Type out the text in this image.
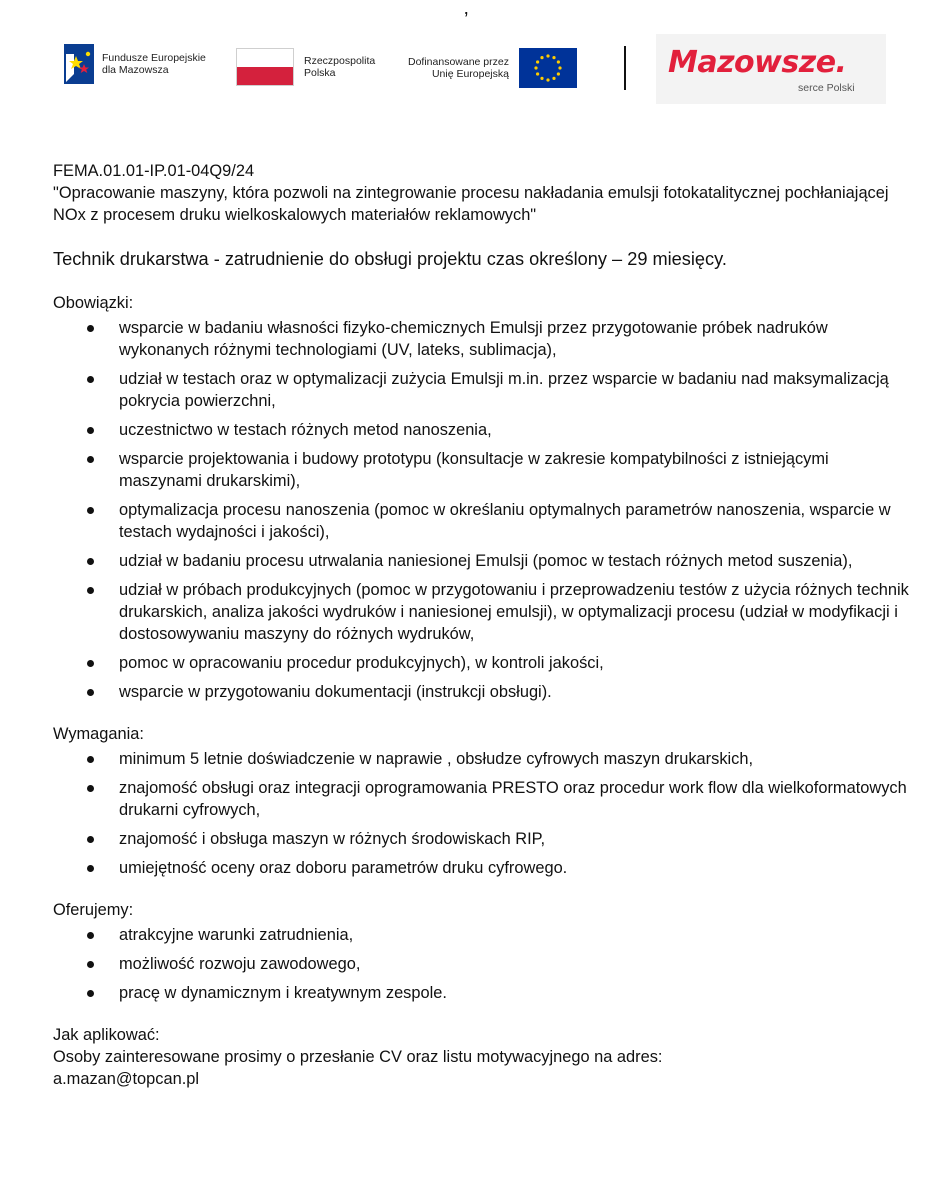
’
Fundusze Europejskie
dla Mazowsza
Rzeczpospolita
Polska
Dofinansowane przez
Unię Europejską	Mazowsze.
serce Polski

FEMA.01.01-IP.01-04Q9/24

"Opracowanie maszyny, która pozwoli na zintegrowanie procesu nakładania emulsji fotokatalitycznej pochłaniającej NOx z procesem druku wielkoskalowych materiałów reklamowych"

Technik drukarstwa - zatrudnienie do obsługi projektu czas określony – 29 miesięcy.

Obowiązki:

wsparcie w badaniu własności fizyko-chemicznych Emulsji przez przygotowanie próbek nadruków wykonanych różnymi technologiami (UV, lateks, sublimacja),
udział w testach oraz w optymalizacji zużycia Emulsji m.in. przez wsparcie w badaniu nad maksymalizacją pokrycia powierzchni,
uczestnictwo w testach różnych metod nanoszenia,
wsparcie projektowania i budowy prototypu (konsultacje w zakresie kompatybilności z istniejącymi maszynami drukarskimi),
optymalizacja procesu nanoszenia (pomoc w określaniu optymalnych parametrów nanoszenia, wsparcie w testach wydajności i jakości),
udział w badaniu procesu utrwalania naniesionej Emulsji (pomoc w testach różnych metod suszenia),
udział w próbach produkcyjnych (pomoc w przygotowaniu i przeprowadzeniu testów z użycia różnych technik drukarskich, analiza jakości wydruków i naniesionej emulsji), w optymalizacji procesu (udział w modyfikacji i dostosowywaniu maszyny do różnych wydruków,
pomoc w opracowaniu procedur produkcyjnych), w kontroli jakości,
wsparcie w przygotowaniu dokumentacji (instrukcji obsługi).

Wymagania:

minimum 5 letnie doświadczenie w naprawie , obsłudze cyfrowych maszyn drukarskich,
znajomość obsługi oraz integracji oprogramowania PRESTO oraz procedur work flow dla wielkoformatowych drukarni cyfrowych,
znajomość i obsługa maszyn w różnych środowiskach RIP,
umiejętność oceny oraz doboru parametrów druku cyfrowego.

Oferujemy:

atrakcyjne warunki zatrudnienia,
możliwość rozwoju zawodowego,
pracę w dynamicznym i kreatywnym zespole.

Jak aplikować:

Osoby zainteresowane prosimy o przesłanie CV oraz listu motywacyjnego na adres:

a.mazan@topcan.pl
